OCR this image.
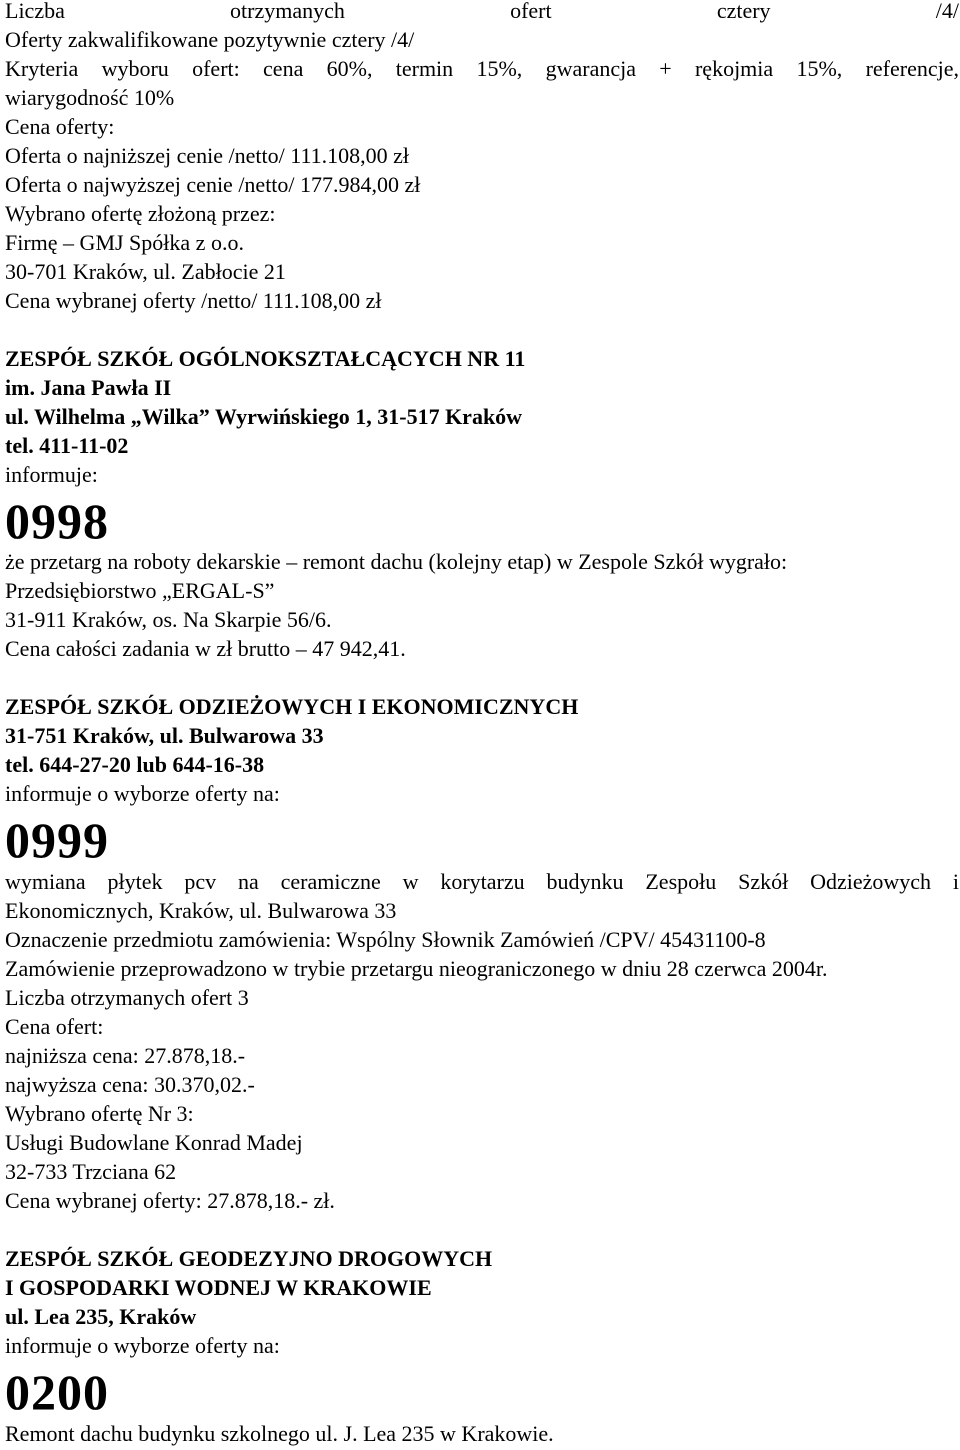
Liczba otrzymanych ofert cztery /4/
Oferty zakwalifikowane pozytywnie cztery /4/
Kryteria wyboru ofert: cena 60%, termin 15%, gwarancja + rękojmia 15%, referencje,
wiarygodność 10%
Cena oferty:
Oferta o najniższej cenie /netto/ 111.108,00 zł
Oferta o najwyższej cenie /netto/ 177.984,00 zł
Wybrano ofertę złożoną przez:
Firmę – GMJ Spółka z o.o.
30-701 Kraków, ul. Zabłocie 21
Cena wybranej oferty /netto/ 111.108,00 zł
ZESPÓŁ SZKÓŁ OGÓLNOKSZTAŁCĄCYCH NR 11
im. Jana Pawła II
ul. Wilhelma „Wilka” Wyrwińskiego 1, 31-517 Kraków
tel. 411-11-02
informuje:
0998
że przetarg na roboty dekarskie – remont dachu (kolejny etap) w Zespole Szkół wygrało:
Przedsiębiorstwo „ERGAL-S”
31-911 Kraków, os. Na Skarpie 56/6.
Cena całości zadania w zł brutto – 47 942,41.
ZESPÓŁ SZKÓŁ ODZIEŻOWYCH I EKONOMICZNYCH
31-751 Kraków, ul. Bulwarowa 33
tel. 644-27-20 lub 644-16-38
informuje o wyborze oferty na:
0999
wymiana płytek pcv na ceramiczne w korytarzu budynku Zespołu Szkół Odzieżowych i
Ekonomicznych, Kraków, ul. Bulwarowa 33
Oznaczenie przedmiotu zamówienia: Wspólny Słownik Zamówień /CPV/ 45431100-8
Zamówienie przeprowadzono w trybie przetargu nieograniczonego w dniu 28 czerwca 2004r.
Liczba otrzymanych ofert 3
Cena ofert:
najniższa cena: 27.878,18.-
najwyższa cena: 30.370,02.-
Wybrano ofertę Nr 3:
Usługi Budowlane Konrad Madej
32-733 Trzciana 62
Cena wybranej oferty: 27.878,18.- zł.
ZESPÓŁ SZKÓŁ GEODEZYJNO DROGOWYCH
I GOSPODARKI WODNEJ W KRAKOWIE
ul. Lea 235, Kraków
informuje o wyborze oferty na:
0200
Remont dachu budynku szkolnego ul. J. Lea 235 w Krakowie.
